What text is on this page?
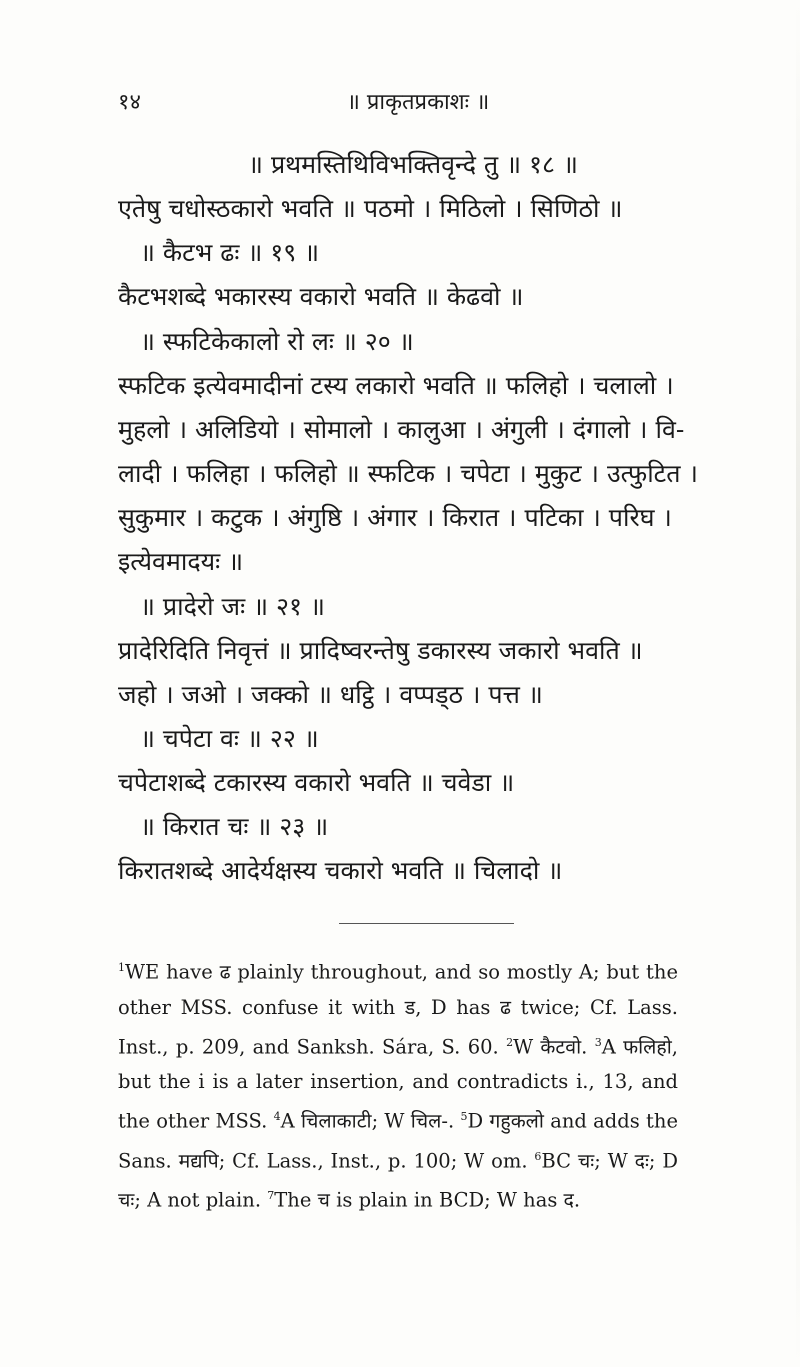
१४	॥ प्राकृतप्रकाशः ॥
॥ प्रथमस्तिथिविभक्तिवृन्दे तु ॥ १८ ॥
एतेषु चधोस्ठकारो भवति ॥ पठमो । मिठिलो । सिणिठो ॥
॥ कैटभ ढः ॥ १९ ॥
कैटभशब्दे भकारस्य वकारो भवति ॥ केढवो ॥
॥ स्फटिकेकालो रो लः ॥ २० ॥
स्फटिक इत्येवमादीनां टस्य लकारो भवति ॥ फलिहो । चलालो ।
मुहलो । अलिडियो । सोमालो । कालुआ । अंगुली । दंगालो । वि-
लादी । फलिहा । फलिहो ॥ स्फटिक । चपेटा । मुकुट । उत्फुटित ।
सुकुमार । कटुक । अंगुष्ठि । अंगार । किरात । पटिका । परिघ ।
इत्येवमादयः ॥
॥ प्रादेरो जः ॥ २१ ॥
प्रादेरिदिति निवृत्तं ॥ प्रादिष्वरन्तेषु डकारस्य जकारो भवति ॥
जहो । जओ । जक्को ॥ धट्ठि । वप्पड्ठ । पत्त ॥
॥ चपेटा वः ॥ २२ ॥
चपेटाशब्दे टकारस्य वकारो भवति ॥ चवेडा ॥
॥ किरात चः ॥ २३ ॥
किरातशब्दे आदेर्यक्षस्य चकारो भवति ॥ चिलादो ॥

$^1$WE have ढ plainly throughout, and so mostly A; but the other MSS. confuse it with ड, D has ढ twice; Cf. Lass. Inst., p. 209, and Sanksh. Sára, S. 60. $^2$W कैटवो. $^3$A फलिहो, but the i is a later insertion, and contradicts i., 13, and the other MSS. $^4$A चिलाकाटी; W चिल-. $^5$D गहुकलो and adds the Sans. मद्यपि; Cf. Lass., Inst., p. 100; W om. $^6$BC चः; W दः; D चः; A not plain. $^7$The च is plain in BCD; W has द.
